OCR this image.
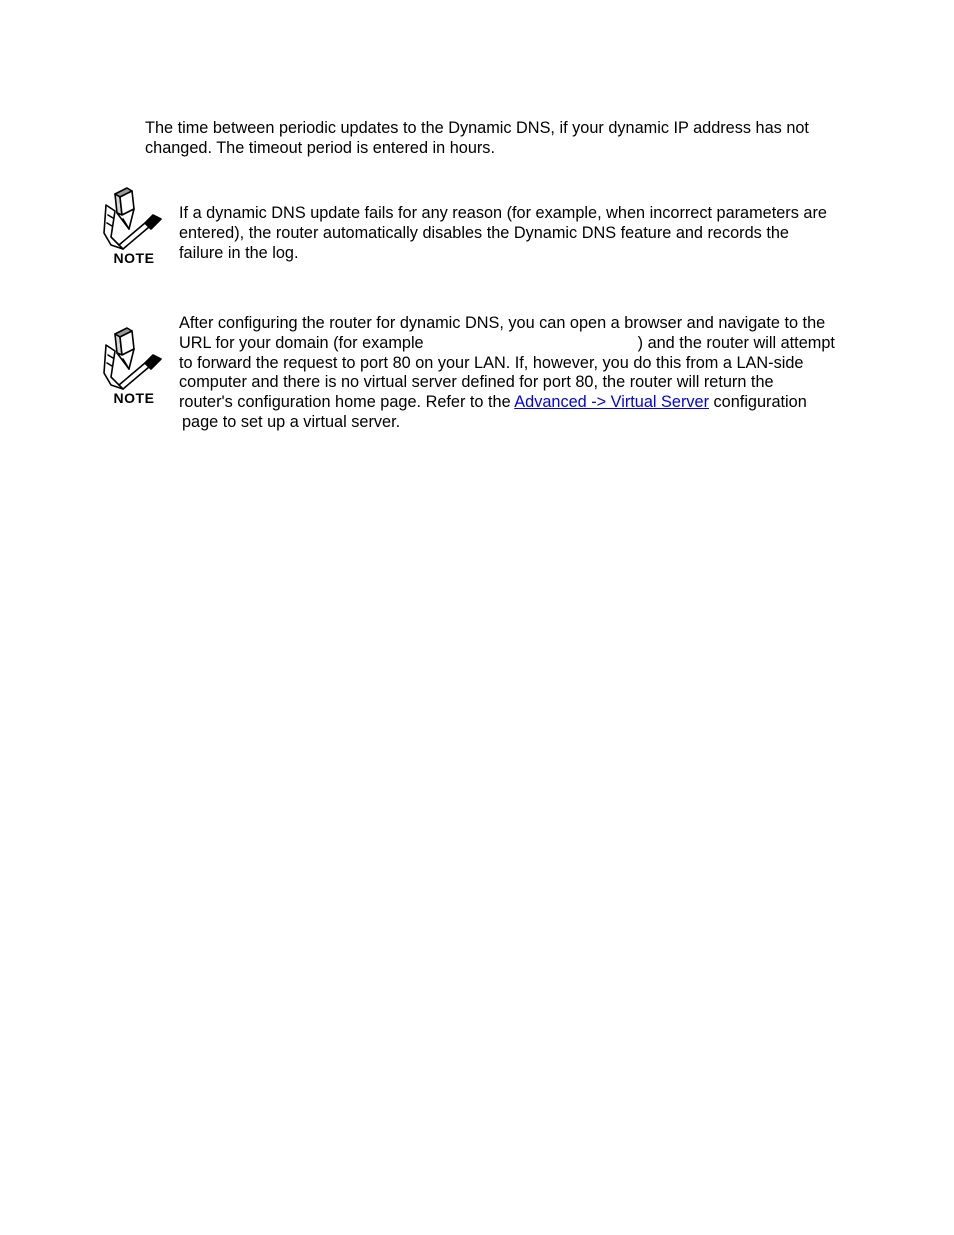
The time between periodic updates to the Dynamic DNS, if your dynamic IP address has not
changed. The timeout period is entered in hours.
NOTE
If a dynamic DNS update fails for any reason (for example, when incorrect parameters are
entered), the router automatically disables the Dynamic DNS feature and records the
failure in the log.
NOTE
After configuring the router for dynamic DNS, you can open a browser and navigate to the
URL for your domain (for example	) and the router will attempt
to forward the request to port 80 on your LAN. If, however, you do this from a LAN-side
computer and there is no virtual server defined for port 80, the router will return the
router's configuration home page. Refer to the Advanced -> Virtual Server configuration
page to set up a virtual server.
